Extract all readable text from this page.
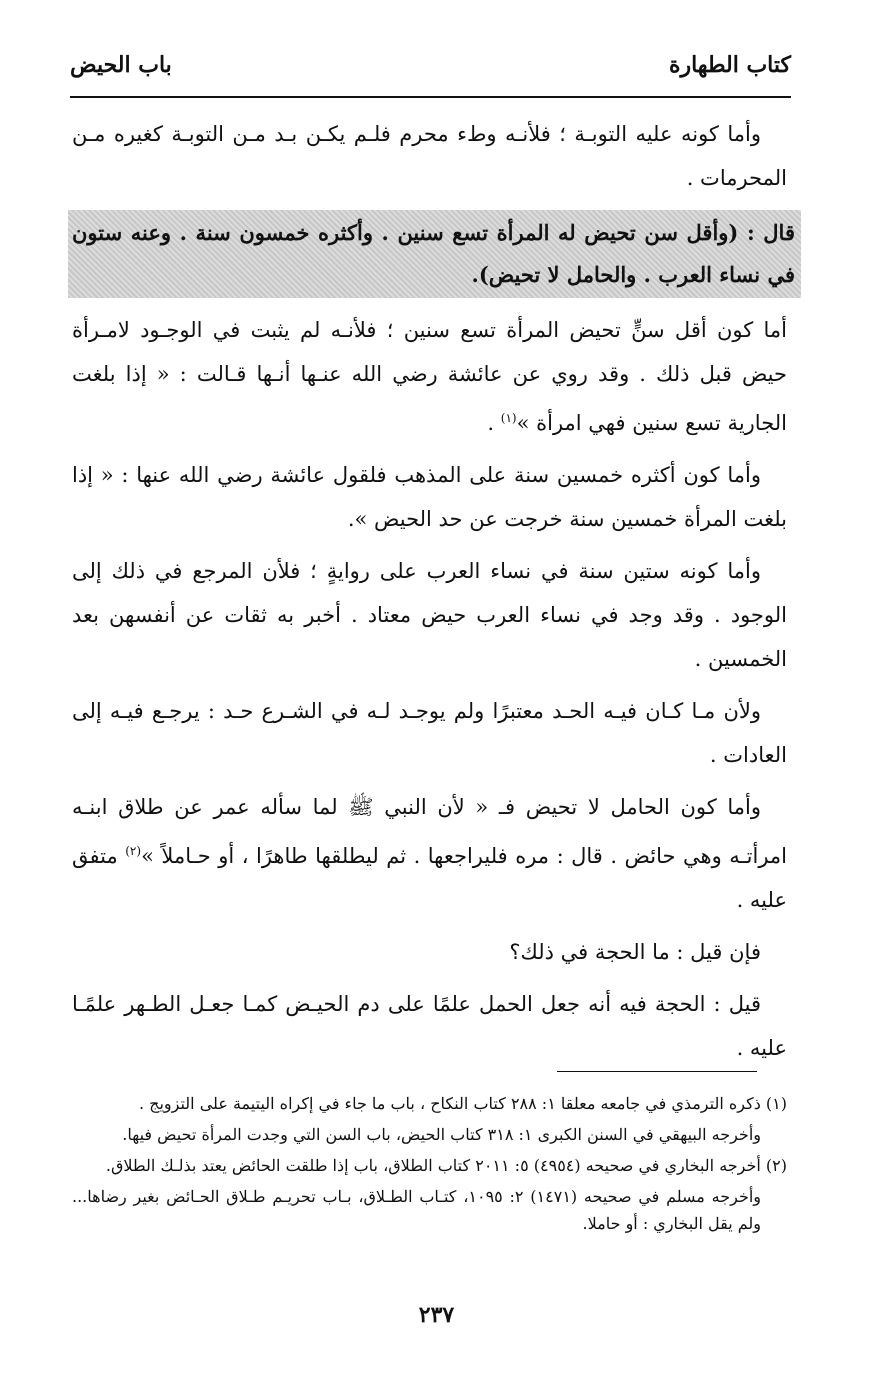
كتاب الطهارة
باب الحيض

وأما كونه عليه التوبـة ؛ فلأنـه وطء محرم فلـم يكـن بـد مـن التوبـة كغيره مـن المحرمات .

قال : (وأقل سن تحيض له المرأة تسع سنين . وأكثره خمسون سنة . وعنه ستون في نساء العرب . والحامل لا تحيض).

أما كون أقل سنٍّ تحيض المرأة تسع سنين ؛ فلأنـه لم يثبت في الوجـود لامـرأة حيض قبل ذلك . وقد روي عن عائشة رضي الله عنـها أنـها قـالت : « إذا بلغت الجارية تسع سنين فهي امرأة »$^{(١)}$ .

وأما كون أكثره خمسين سنة على المذهب فلقول عائشة رضي الله عنها : « إذا بلغت المرأة خمسين سنة خرجت عن حد الحيض ».

وأما كونه ستين سنة في نساء العرب على روايةٍ ؛ فلأن المرجع في ذلك إلى الوجود . وقد وجد في نساء العرب حيض معتاد . أخبر به ثقات عن أنفسهن بعد الخمسين .

ولأن مـا كـان فيـه الحـد معتبرًا ولم يوجـد لـه في الشـرع حـد : يرجـع فيـه إلى العادات .

وأما كون الحامل لا تحيض فـ « لأن النبي ﷺ لما سأله عمر عن طلاق ابنـه امرأتـه وهي حائض . قال : مره فليراجعها . ثم ليطلقها طاهرًا ، أو حـاملاً »$^{(٢)}$ متفق عليه .

فإن قيل : ما الحجة في ذلك؟

قيل : الحجة فيه أنه جعل الحمل علمًا على دم الحيـض كمـا جعـل الطـهر علمًـا عليه .

(١) ذكره الترمذي في جامعه معلقا ١: ٢٨٨ كتاب النكاح ، باب ما جاء في إكراه اليتيمة على التزويج .

وأخرجه البيهقي في السنن الكبرى ١: ٣١٨ كتاب الحيض، باب السن التي وجدت المرأة تحيض فيها.

(٢) أخرجه البخاري في صحيحه (٤٩٥٤) ٥: ٢٠١١ كتاب الطلاق، باب إذا طلقت الحائض يعتد بذلـك الطلاق.

وأخرجه مسلم في صحيحه (١٤٧١) ٢: ١٠٩٥، كتـاب الطـلاق، بـاب تحريـم طـلاق الحـائض بغير رضاها... ولم يقل البخاري : أو حاملا.

٢٣٧
